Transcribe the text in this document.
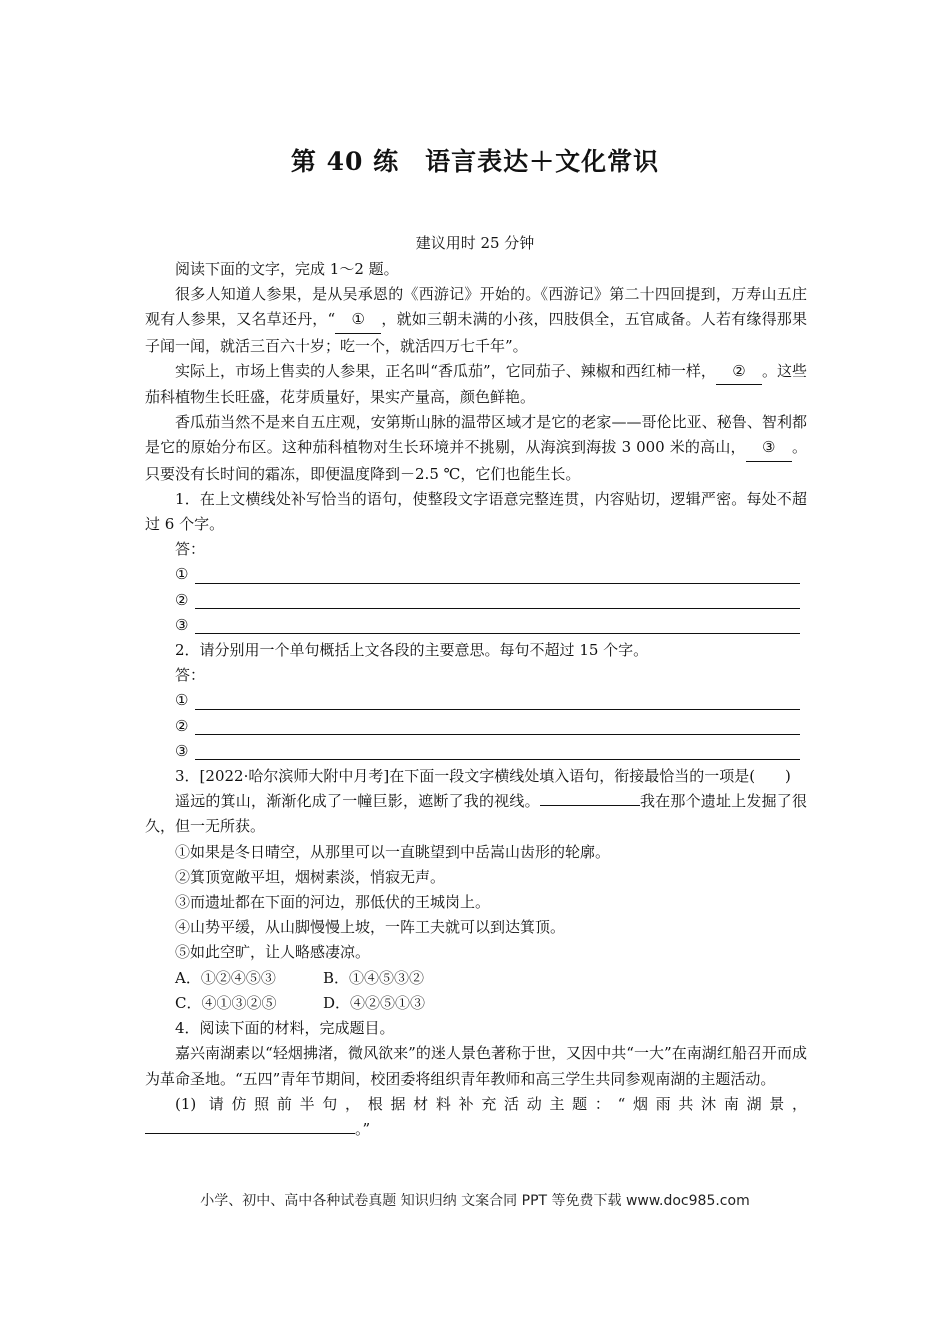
第 40 练　语言表达＋文化常识
建议用时 25 分钟

阅读下面的文字，完成 1～2 题。

很多人知道人参果，是从吴承恩的《西游记》开始的。《西游记》第二十四回提到，万寿山五庄观有人参果，又名草还丹，“ ① ，就如三朝未满的小孩，四肢俱全，五官咸备。人若有缘得那果子闻一闻，就活三百六十岁；吃一个，就活四万七千年”。

实际上，市场上售卖的人参果，正名叫“香瓜茄”，它同茄子、辣椒和西红柿一样， ② 。这些茄科植物生长旺盛，花芽质量好，果实产量高，颜色鲜艳。

香瓜茄当然不是来自五庄观，安第斯山脉的温带区域才是它的老家——哥伦比亚、秘鲁、智利都是它的原始分布区。这种茄科植物对生长环境并不挑剔，从海滨到海拔 3 000 米的高山， ③ 。只要没有长时间的霜冻，即便温度降到－2.5 ℃，它们也能生长。

1．在上文横线处补写恰当的语句，使整段文字语意完整连贯，内容贴切，逻辑严密。每处不超过 6 个字。

答：

①
②
③

2．请分别用一个单句概括上文各段的主要意思。每句不超过 15 个字。

答：

①
②
③

3．[2022·哈尔滨师大附中月考]在下面一段文字横线处填入语句，衔接最恰当的一项是(　　)

遥远的箕山，渐渐化成了一幢巨影，遮断了我的视线。	我在那个遗址上发掘了很久，但一无所获。

①如果是冬日晴空，从那里可以一直眺望到中岳嵩山齿形的轮廓。

②箕顶宽敞平坦，烟树素淡，悄寂无声。

③而遗址都在下面的河边，那低伏的王城岗上。

④山势平缓，从山脚慢慢上坡，一阵工夫就可以到达箕顶。

⑤如此空旷，让人略感凄凉。

A．①②④⑤③	B．①④⑤③②
C．④①③②⑤	D．④②⑤①③

4．阅读下面的材料，完成题目。

嘉兴南湖素以“轻烟拂渚，微风欲来”的迷人景色著称于世，又因中共“一大”在南湖红船召开而成为革命圣地。“五四”青年节期间，校团委将组织青年教师和高三学生共同参观南湖的主题活动。

(1) 请仿照前半句，根据材料补充活动主题：“烟雨共沐南湖景，。”

小学、初中、高中各种试卷真题 知识归纳 文案合同 PPT 等免费下载 www.doc985.com
